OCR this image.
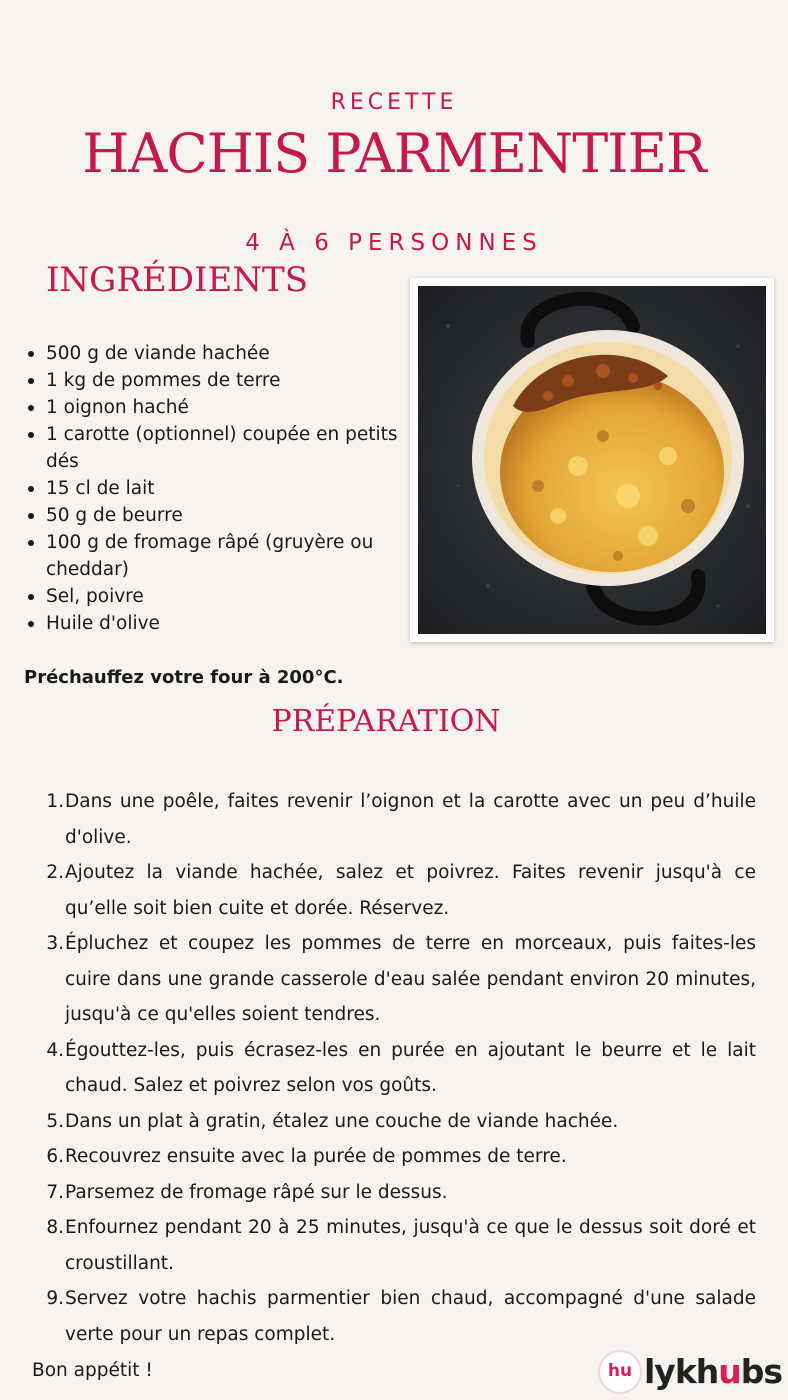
RECETTE
HACHIS PARMENTIER
4 À 6 PERSONNES
INGRÉDIENTS
500 g de viande hachée
1 kg de pommes de terre
1 oignon haché
1 carotte (optionnel) coupée en petits dés
15 cl de lait
50 g de beurre
100 g de fromage râpé (gruyère ou cheddar)
Sel, poivre
Huile d'olive
Préchauffez votre four à 200°C.
PRÉPARATION
1. Dans une poêle, faites revenir l’oignon et la carotte avec un peu d’huile d'olive.
2. Ajoutez la viande hachée, salez et poivrez. Faites revenir jusqu'à ce qu’elle soit bien cuite et dorée. Réservez.
3. Épluchez et coupez les pommes de terre en morceaux, puis faites-les cuire dans une grande casserole d'eau salée pendant environ 20 minutes, jusqu'à ce qu'elles soient tendres.
4. Égouttez-les, puis écrasez-les en purée en ajoutant le beurre et le lait chaud. Salez et poivrez selon vos goûts.
5. Dans un plat à gratin, étalez une couche de viande hachée.
6. Recouvrez ensuite avec la purée de pommes de terre.
7. Parsemez de fromage râpé sur le dessus.
8. Enfournez pendant 20 à 25 minutes, jusqu'à ce que le dessus soit doré et croustillant.
9. Servez votre hachis parmentier bien chaud, accompagné d'une salade verte pour un repas complet.
Bon appétit !	hu lykhubs
